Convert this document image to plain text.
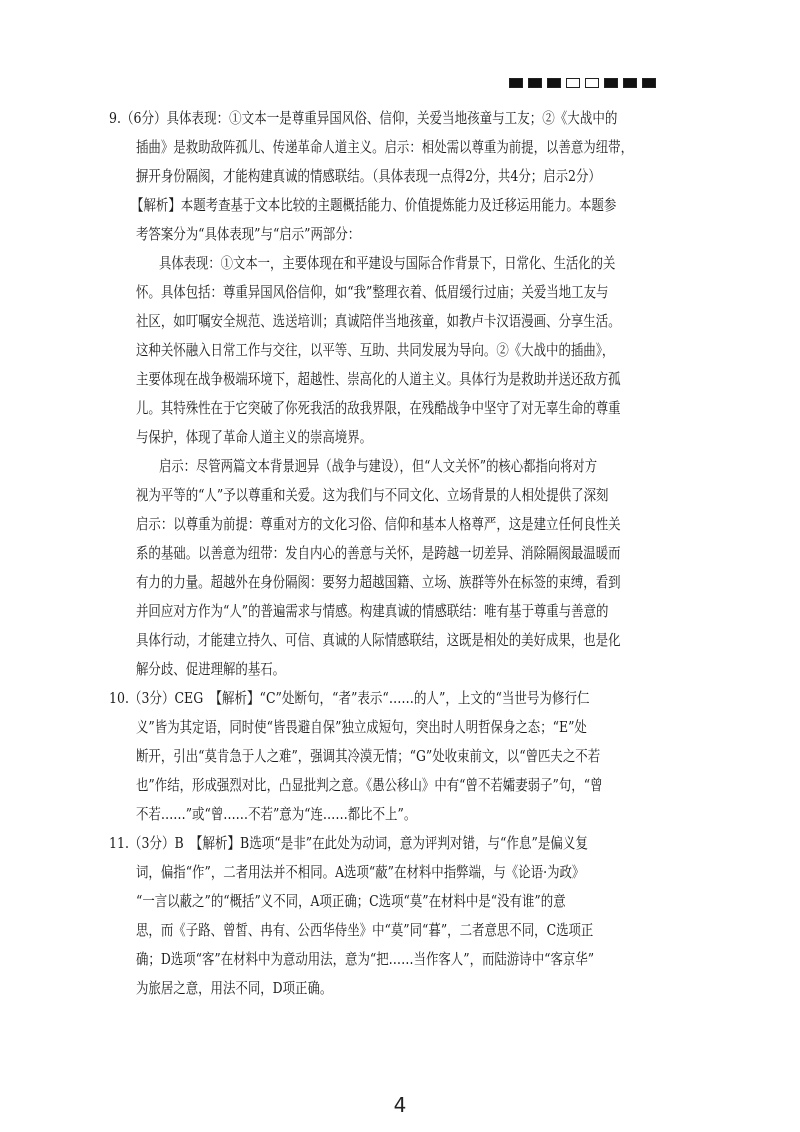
9.（6分）具体表现：①文本一是尊重异国风俗、信仰，关爱当地孩童与工友；②《大战中的
插曲》是救助敌阵孤儿、传递革命人道主义。启示：相处需以尊重为前提，以善意为纽带，
摒开身份隔阂，才能构建真诚的情感联结。（具体表现一点得2分，共4分；启示2分）
【解析】本题考查基于文本比较的主题概括能力、价值提炼能力及迁移运用能力。本题参
考答案分为“具体表现”与“启示”两部分：
具体表现：①文本一，主要体现在和平建设与国际合作背景下，日常化、生活化的关
怀。具体包括：尊重异国风俗信仰，如“我”整理衣着、低眉缓行过庙；关爱当地工友与
社区，如叮嘱安全规范、选送培训；真诚陪伴当地孩童，如教卢卡汉语漫画、分享生活。
这种关怀融入日常工作与交往，以平等、互助、共同发展为导向。②《大战中的插曲》，
主要体现在战争极端环境下，超越性、崇高化的人道主义。具体行为是救助并送还敌方孤
儿。其特殊性在于它突破了你死我活的敌我界限，在残酷战争中坚守了对无辜生命的尊重
与保护，体现了革命人道主义的崇高境界。
启示：尽管两篇文本背景迥异（战争与建设），但“人文关怀”的核心都指向将对方
视为平等的“人”予以尊重和关爱。这为我们与不同文化、立场背景的人相处提供了深刻
启示：以尊重为前提：尊重对方的文化习俗、信仰和基本人格尊严，这是建立任何良性关
系的基础。以善意为纽带：发自内心的善意与关怀，是跨越一切差异、消除隔阂最温暖而
有力的力量。超越外在身份隔阂：要努力超越国籍、立场、族群等外在标签的束缚，看到
并回应对方作为“人”的普遍需求与情感。构建真诚的情感联结：唯有基于尊重与善意的
具体行动，才能建立持久、可信、真诚的人际情感联结，这既是相处的美好成果，也是化
解分歧、促进理解的基石。
10.（3分）CEG　【解析】“C”处断句，“者”表示“……的人”，上文的“当世号为修行仁
义”皆为其定语，同时使“皆畏避自保”独立成短句，突出时人明哲保身之态；“E”处
断开，引出“莫肯急于人之难”，强调其冷漠无情；“G”处收束前文，以“曾匹夫之不若
也”作结，形成强烈对比，凸显批判之意。《愚公移山》中有“曾不若孀妻弱子”句，“曾
不若……”或“曾……不若”意为“连……都比不上”。
11.（3分）B　【解析】B选项“是非”在此处为动词，意为评判对错，与“作息”是偏义复
词，偏指“作”，二者用法并不相同。A选项“蔽”在材料中指弊端，与《论语·为政》
“一言以蔽之”的“概括”义不同，A项正确；C选项“莫”在材料中是“没有谁”的意
思，而《子路、曾皙、冉有、公西华侍坐》中“莫”同“暮”，二者意思不同，C选项正
确；D选项“客”在材料中为意动用法，意为“把……当作客人”，而陆游诗中“客京华”
为旅居之意，用法不同，D项正确。
4
